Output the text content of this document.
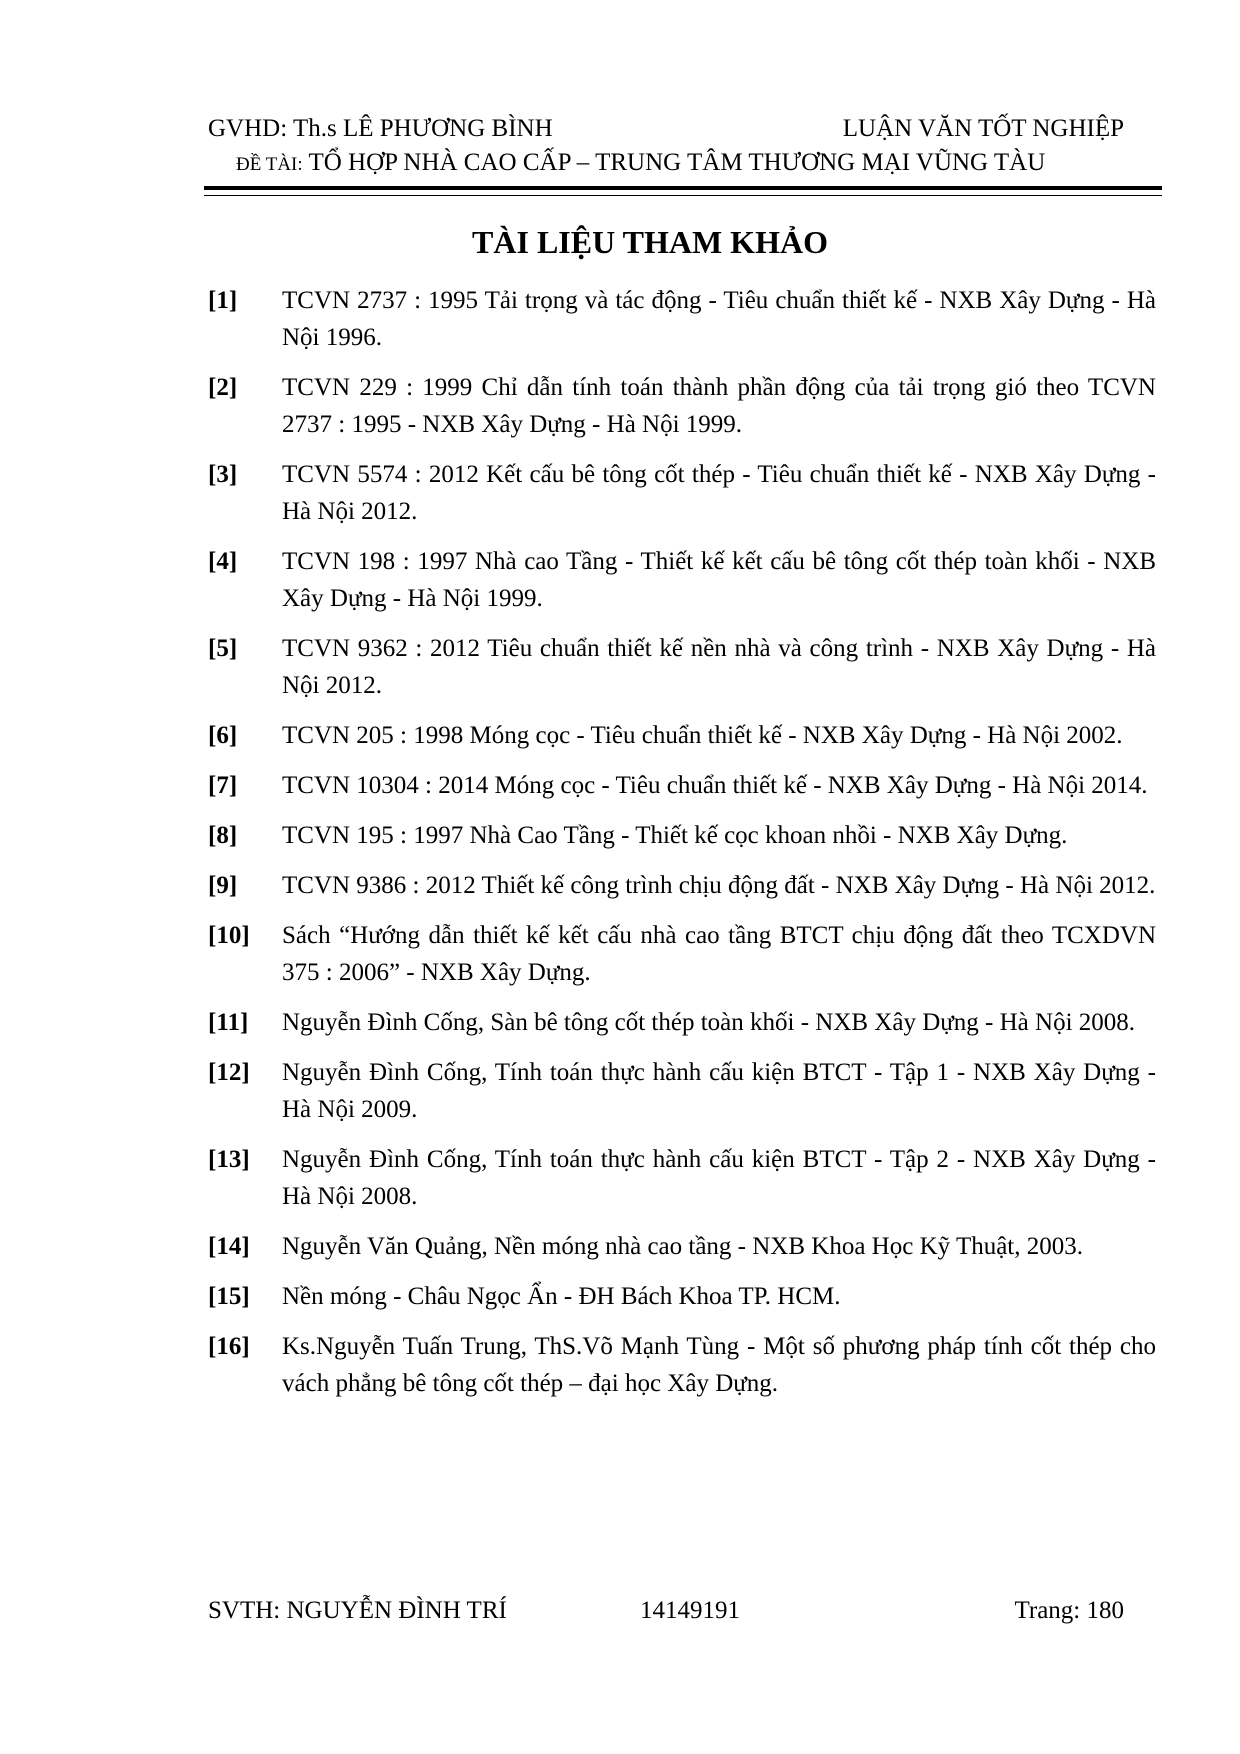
GVHD: Th.s LÊ PHƯƠNG BÌNH	LUẬN VĂN TỐT NGHIỆP
ĐỀ TÀI: TỔ HỢP NHÀ CAO CẤP – TRUNG TÂM THƯƠNG MẠI VŨNG TÀU
TÀI LIỆU THAM KHẢO
[1] TCVN 2737 : 1995 Tải trọng và tác động - Tiêu chuẩn thiết kế - NXB Xây Dựng - Hà Nội 1996.
[2] TCVN 229 : 1999 Chỉ dẫn tính toán thành phần động của tải trọng gió theo TCVN 2737 : 1995 - NXB Xây Dựng - Hà Nội 1999.
[3] TCVN 5574 : 2012 Kết cấu bê tông cốt thép - Tiêu chuẩn thiết kế - NXB Xây Dựng - Hà Nội 2012.
[4] TCVN 198 : 1997 Nhà cao Tầng - Thiết kế kết cấu bê tông cốt thép toàn khối - NXB Xây Dựng - Hà Nội 1999.
[5] TCVN 9362 : 2012 Tiêu chuẩn thiết kế nền nhà và công trình - NXB Xây Dựng - Hà Nội 2012.
[6] TCVN 205 : 1998 Móng cọc - Tiêu chuẩn thiết kế - NXB Xây Dựng - Hà Nội 2002.
[7] TCVN 10304 : 2014 Móng cọc - Tiêu chuẩn thiết kế - NXB Xây Dựng - Hà Nội 2014.
[8] TCVN 195 : 1997 Nhà Cao Tầng - Thiết kế cọc khoan nhồi - NXB Xây Dựng.
[9] TCVN 9386 : 2012 Thiết kế công trình chịu động đất - NXB Xây Dựng - Hà Nội 2012.
[10] Sách “Hướng dẫn thiết kế kết cấu nhà cao tầng BTCT chịu động đất theo TCXDVN 375 : 2006” - NXB Xây Dựng.
[11] Nguyễn Đình Cống, Sàn bê tông cốt thép toàn khối - NXB Xây Dựng - Hà Nội 2008.
[12] Nguyễn Đình Cống, Tính toán thực hành cấu kiện BTCT - Tập 1 - NXB Xây Dựng - Hà Nội 2009.
[13] Nguyễn Đình Cống, Tính toán thực hành cấu kiện BTCT - Tập 2 - NXB Xây Dựng - Hà Nội 2008.
[14] Nguyễn Văn Quảng, Nền móng nhà cao tầng - NXB Khoa Học Kỹ Thuật, 2003.
[15] Nền móng - Châu Ngọc Ẩn - ĐH Bách Khoa TP. HCM.
[16] Ks.Nguyễn Tuấn Trung, ThS.Võ Mạnh Tùng - Một số phương pháp tính cốt thép cho vách phẳng bê tông cốt thép – đại học Xây Dựng.
SVTH: NGUYỄN ĐÌNH TRÍ	14149191	Trang: 180
